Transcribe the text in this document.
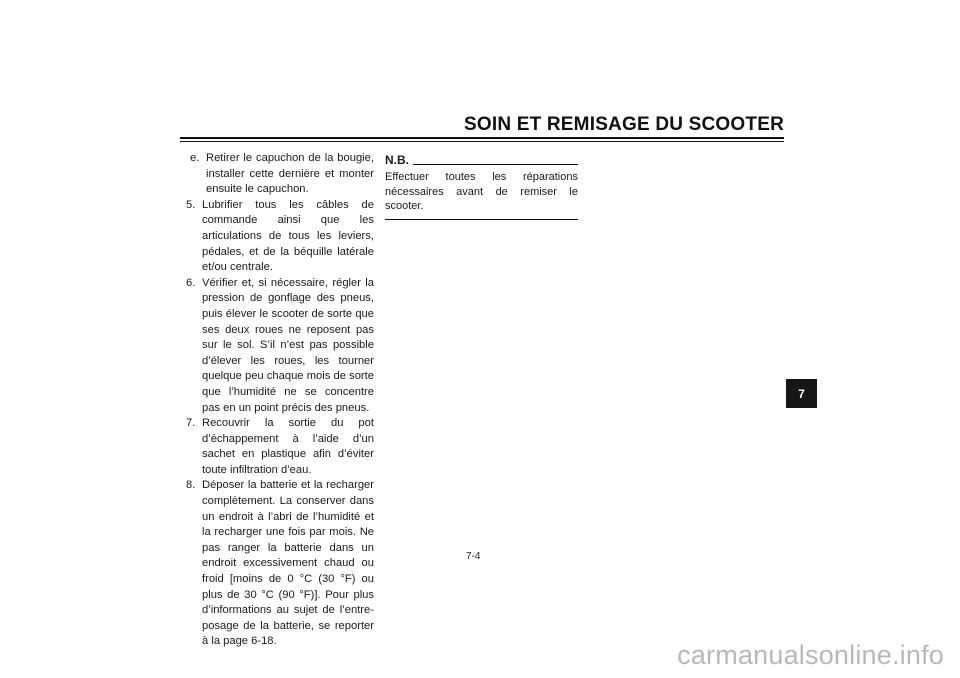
SOIN ET REMISAGE DU SCOOTER
e. Retirer le capuchon de la bougie, installer cette dernière et monter ensuite le capuchon.
5. Lubrifier tous les câbles de commande ainsi que les articulations de tous les leviers, pédales, et de la béquille latérale et/ou centrale.
6. Vérifier et, si nécessaire, régler la pression de gonflage des pneus, puis élever le scooter de sorte que ses deux roues ne reposent pas sur le sol. S’il n’est pas possible d’élever les roues, les tourner quelque peu chaque mois de sorte que l’humidité ne se concentre pas en un point précis des pneus.
7. Recouvrir la sortie du pot d’échappement à l’aide d’un sachet en plastique afin d’éviter toute infiltration d’eau.
8. Déposer la batterie et la recharger complètement. La conserver dans un endroit à l’abri de l’humidité et la recharger une fois par mois. Ne pas ranger la batterie dans un endroit excessivement chaud ou froid [moins de 0 °C (30 °F) ou plus de 30 °C (90 °F)]. Pour plus d’informations au sujet de l’entreposage de la batterie, se reporter à la page 6-18.
N.B.
Effectuer toutes les réparations nécessaires avant de remiser le scooter.
7
7-4
carmanualsonline.info
